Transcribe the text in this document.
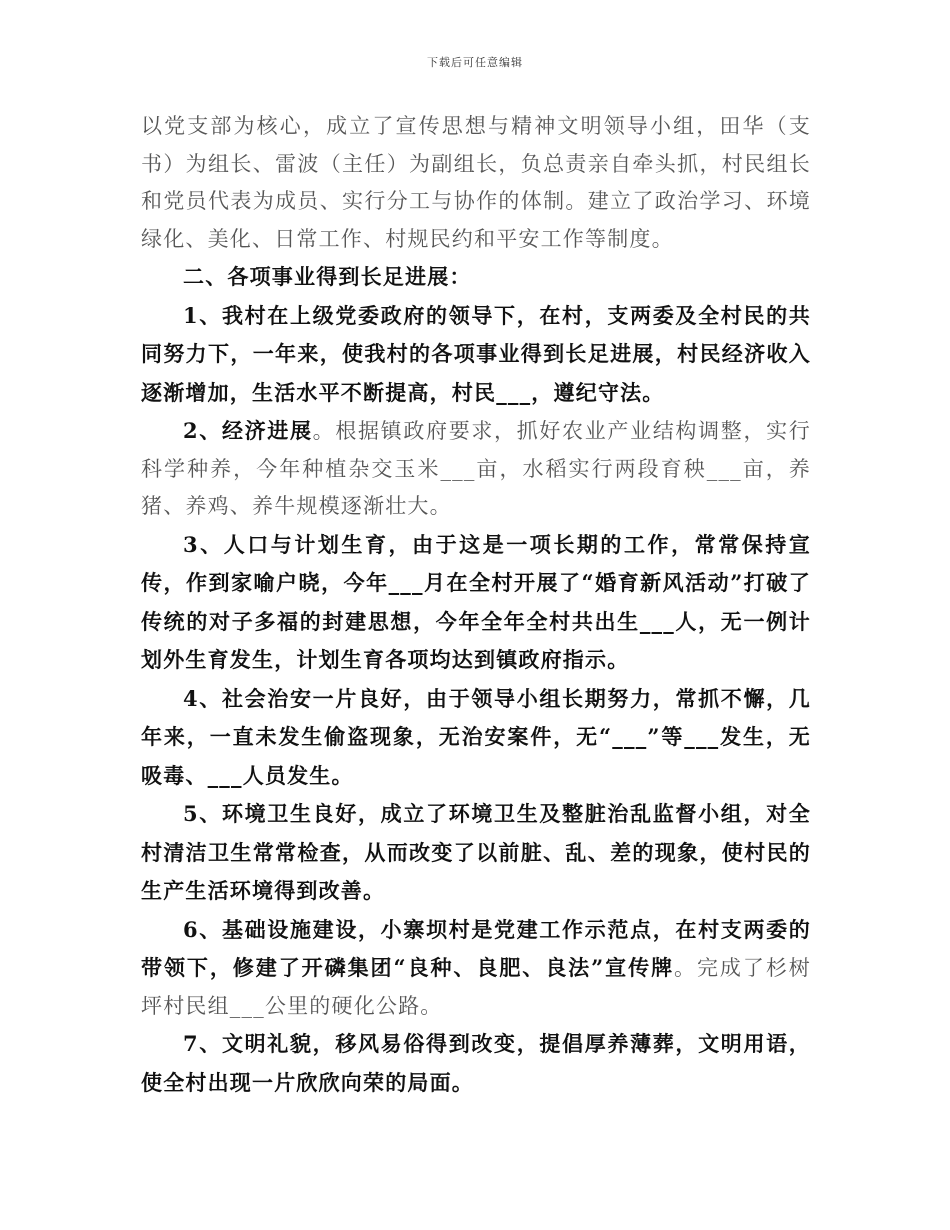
下载后可任意编辑

以党支部为核心，成立了宣传思想与精神文明领导小组，田华（支书）为组长、雷波（主任）为副组长，负总责亲自牵头抓，村民组长和党员代表为成员、实行分工与协作的体制。建立了政治学习、环境绿化、美化、日常工作、村规民约和平安工作等制度。

二、各项事业得到长足进展：

1、我村在上级党委政府的领导下，在村，支两委及全村民的共同努力下，一年来，使我村的各项事业得到长足进展，村民经济收入逐渐增加，生活水平不断提高，村民___，遵纪守法。

2、经济进展。根据镇政府要求，抓好农业产业结构调整，实行科学种养，今年种植杂交玉米___亩，水稻实行两段育秧___亩，养猪、养鸡、养牛规模逐渐壮大。

3、人口与计划生育，由于这是一项长期的工作，常常保持宣传，作到家喻户晓，今年___月在全村开展了“婚育新风活动”打破了传统的对子多福的封建思想，今年全年全村共出生___人，无一例计划外生育发生，计划生育各项均达到镇政府指示。

4、社会治安一片良好，由于领导小组长期努力，常抓不懈，几年来，一直未发生偷盗现象，无治安案件，无“___”等___发生，无吸毒、___人员发生。

5、环境卫生良好，成立了环境卫生及整脏治乱监督小组，对全村清洁卫生常常检查，从而改变了以前脏、乱、差的现象，使村民的生产生活环境得到改善。

6、基础设施建设，小寨坝村是党建工作示范点，在村支两委的带领下，修建了开磷集团“良种、良肥、良法”宣传牌。完成了杉树坪村民组___公里的硬化公路。

7、文明礼貌，移风易俗得到改变，提倡厚养薄葬，文明用语，使全村出现一片欣欣向荣的局面。
